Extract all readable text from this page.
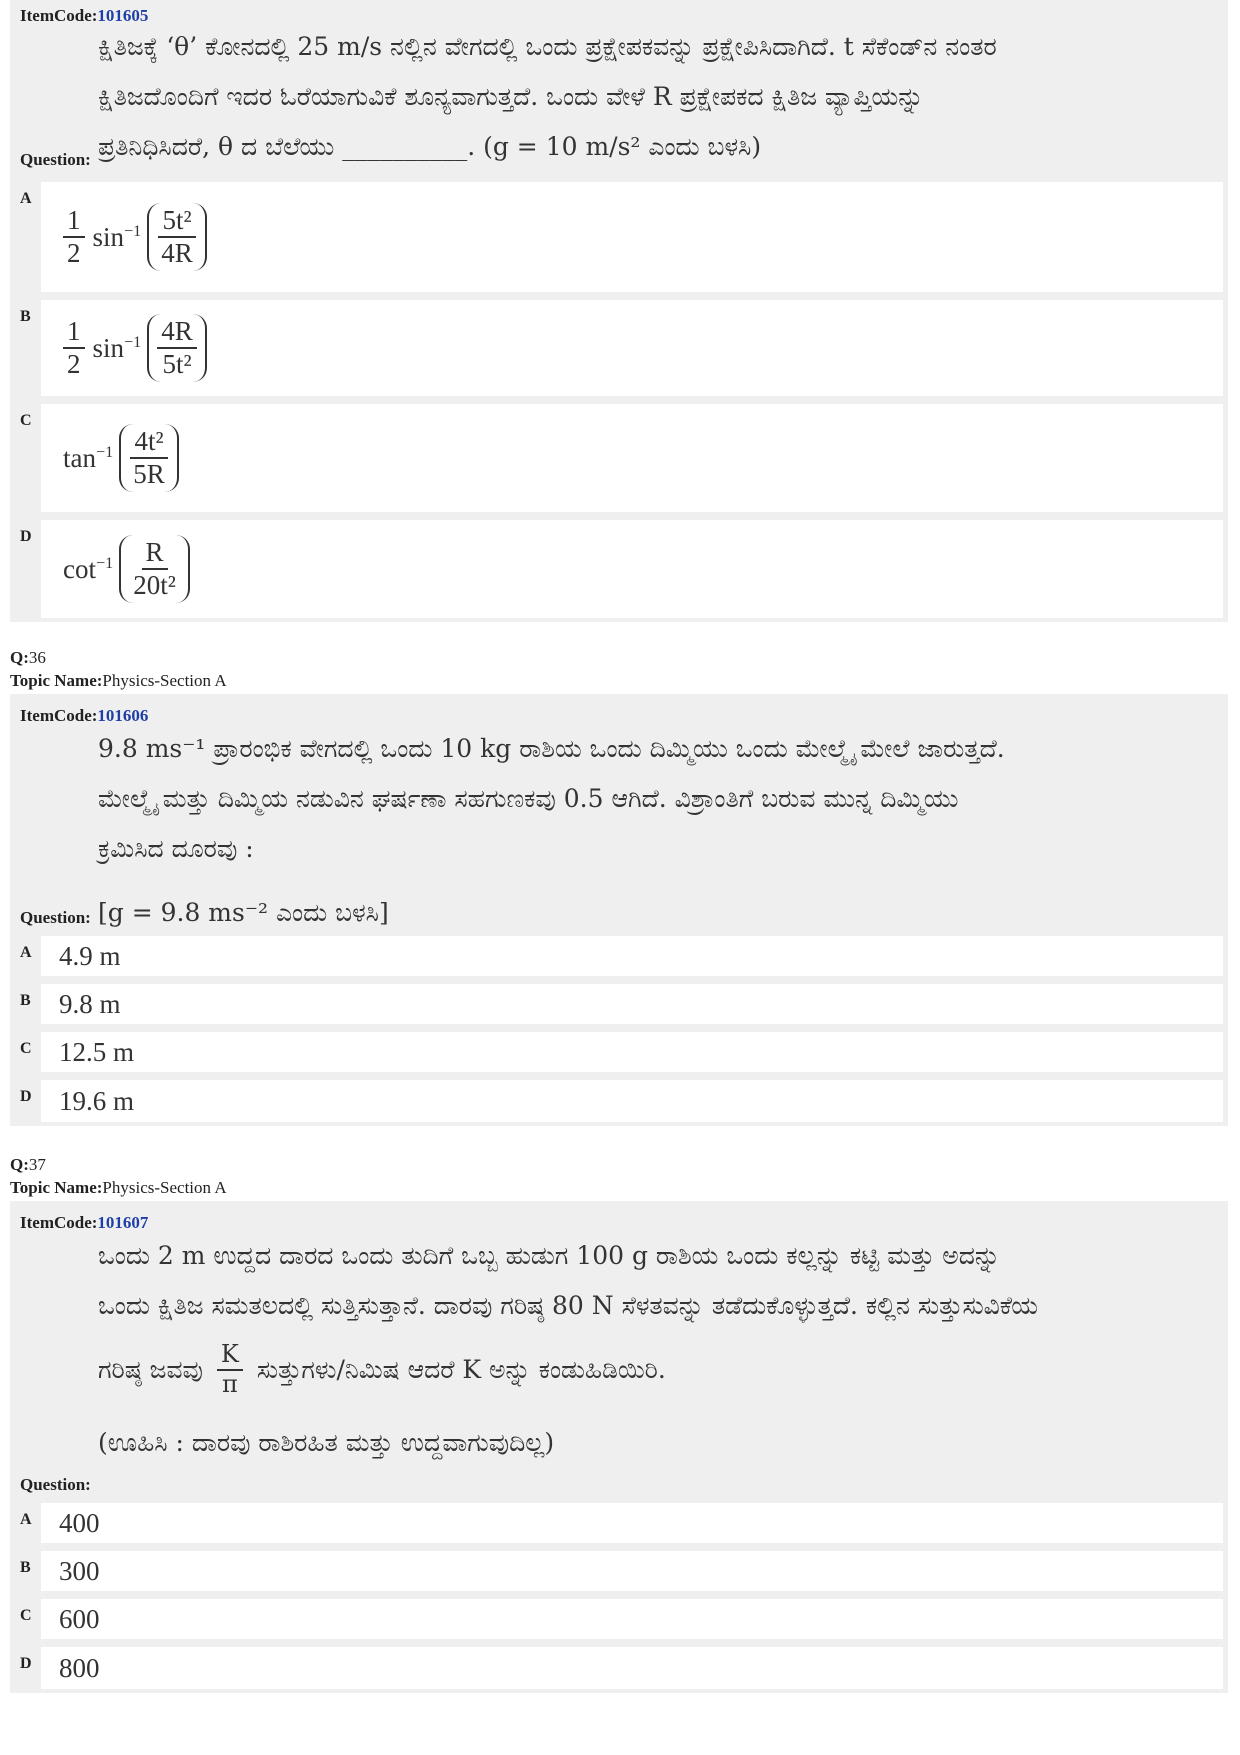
ItemCode:101605

ಕ್ಷಿತಿಜಕ್ಕೆ ‘θ’ ಕೋನದಲ್ಲಿ 25 m/s ನಲ್ಲಿನ ವೇಗದಲ್ಲಿ ಒಂದು ಪ್ರಕ್ಷೇಪಕವನ್ನು ಪ್ರಕ್ಷೇಪಿಸಿದಾಗಿದೆ. t ಸೆಕೆಂಡ್‌ನ ನಂತರ

ಕ್ಷಿತಿಜದೊಂದಿಗೆ ಇದರ ಓರೆಯಾಗುವಿಕೆ ಶೂನ್ಯವಾಗುತ್ತದೆ. ಒಂದು ವೇಳೆ R ಪ್ರಕ್ಷೇಪಕದ ಕ್ಷಿತಿಜ ವ್ಯಾಪ್ತಿಯನ್ನು

ಪ್ರತಿನಿಧಿಸಿದರೆ, θ ದ ಬೆಲೆಯು __________. (g = 10 m/s² ಎಂದು ಬಳಸಿ)

Question:
A
$\frac{1}{2} \sin^{-1} \frac{\text{5t²}}{4R}$
B $\frac{1}{2} \sin^{-1} \frac{4R}{\text{5t²}}$
C
$\tan^{-1} \frac{\text{4t²}}{5R}$
D
$\cot^{-1} \frac{R}{\text{20t²}}$
Q:36
Topic Name:Physics-Section A
ItemCode:101606

9.8 ms⁻¹ ಪ್ರಾರಂಭಿಕ ವೇಗದಲ್ಲಿ ಒಂದು 10 kg ರಾಶಿಯ ಒಂದು ದಿಮ್ಮಿಯು ಒಂದು ಮೇಲ್ಮೈ ಮೇಲೆ ಜಾರುತ್ತದೆ.

ಮೇಲ್ಮೈ ಮತ್ತು ದಿಮ್ಮಿಯ ನಡುವಿನ ಘರ್ಷಣಾ ಸಹಗುಣಕವು 0.5 ಆಗಿದೆ. ವಿಶ್ರಾಂತಿಗೆ ಬರುವ ಮುನ್ನ ದಿಮ್ಮಿಯು

ಕ್ರಮಿಸಿದ ದೂರವು :

[g = 9.8 ms⁻² ಎಂದು ಬಳಸಿ]

Question:
A	4.9 m
B	9.8 m
C	12.5 m
D	19.6 m
Q:37
Topic Name:Physics-Section A
ItemCode:101607

ಒಂದು 2 m ಉದ್ದದ ದಾರದ ಒಂದು ತುದಿಗೆ ಒಬ್ಬ ಹುಡುಗ 100 g ರಾಶಿಯ ಒಂದು ಕಲ್ಲನ್ನು ಕಟ್ಟಿ ಮತ್ತು ಅದನ್ನು

ಒಂದು ಕ್ಷಿತಿಜ ಸಮತಲದಲ್ಲಿ ಸುತ್ತಿಸುತ್ತಾನೆ. ದಾರವು ಗರಿಷ್ಠ 80 N ಸೆಳತವನ್ನು ತಡೆದುಕೊಳ್ಳುತ್ತದೆ. ಕಲ್ಲಿನ ಸುತ್ತುಸುವಿಕೆಯ

ಗರಿಷ್ಠ ಜವವು $\frac{K}{\pi}$ ಸುತ್ತುಗಳು/ನಿಮಿಷ ಆದರೆ K ಅನ್ನು ಕಂಡುಹಿಡಿಯಿರಿ.

(ಊಹಿಸಿ : ದಾರವು ರಾಶಿರಹಿತ ಮತ್ತು ಉದ್ದವಾಗುವುದಿಲ್ಲ)

Question:
A	400
B	300
C	600
D	800
